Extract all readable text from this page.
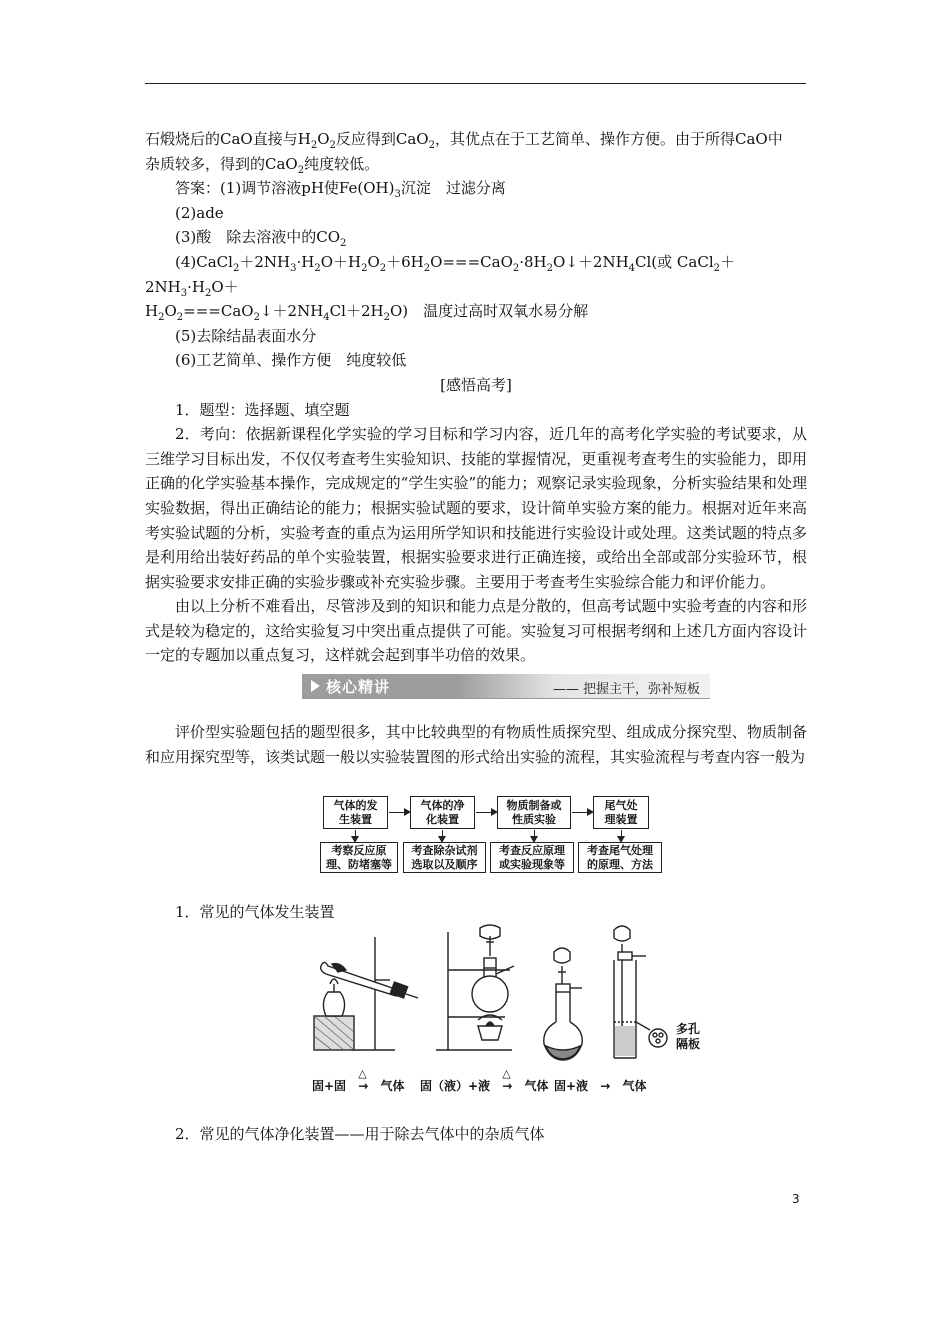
石煅烧后的CaO直接与$H_2O_2$反应得到CaO$_2$，其优点在于工艺简单、操作方便。由于所得CaO中

杂质较多，得到的CaO$_2$纯度较低。

答案：(1)调节溶液pH使$Fe(OH)_3$沉淀　过滤分离

(2)ade

(3)酸　除去溶液中的$CO_2$

$(4)CaCl_2+2NH_3\cdot H_2O+H_2O_2+6H_2O===CaO_2\cdot 8H_2O↓+2NH_4Cl$(或 $CaCl_2+2NH_3\cdot H_2O+$

$H_2O_2===CaO_2↓+2NH_4Cl+2H_2O$)　温度过高时双氧水易分解

(5)去除结晶表面水分

(6)工艺简单、操作方便　纯度较低

[感悟高考]

1．题型：选择题、填空题

2．考向：依据新课程化学实验的学习目标和学习内容，近几年的高考化学实验的考试要求，从三维学习目标出发，不仅仅考查考生实验知识、技能的掌握情况，更重视考查考生的实验能力，即用正确的化学实验基本操作，完成规定的“学生实验”的能力；观察记录实验现象，分析实验结果和处理实验数据，得出正确结论的能力；根据实验试题的要求，设计简单实验方案的能力。根据对近年来高考实验试题的分析，实验考查的重点为运用所学知识和技能进行实验设计或处理。这类试题的特点多是利用给出装好药品的单个实验装置，根据实验要求进行正确连接，或给出全部或部分实验环节，根据实验要求安排正确的实验步骤或补充实验步骤。主要用于考查考生实验综合能力和评价能力。

由以上分析不难看出，尽管涉及到的知识和能力点是分散的，但高考试题中实验考查的内容和形式是较为稳定的，这给实验复习中突出重点提供了可能。实验复习可根据考纲和上述几方面内容设计一定的专题加以重点复习，这样就会起到事半功倍的效果。

核心精讲	—— 把握主干，弥补短板

评价型实验题包括的题型很多，其中比较典型的有物质性质探究型、组成成分探究型、物质制备和应用探究型等，该类试题一般以实验装置图的形式给出实验的流程，其实验流程与考查内容一般为

气体的发
生装置
气体的净
化装置
物质制备或
性质实验
尾气处
理装置
考察反应原
理、防堵塞等
考查除杂试剂
选取以及顺序
考查反应原理
或实验现象等
考查尾气处理
的原理、方法

1．常见的气体发生装置

多孔
隔板
固+固
△
→ 气体 固（液）+液
△
→ 气体 固+液 → 气体

2．常见的气体净化装置——用于除去气体中的杂质气体

3
